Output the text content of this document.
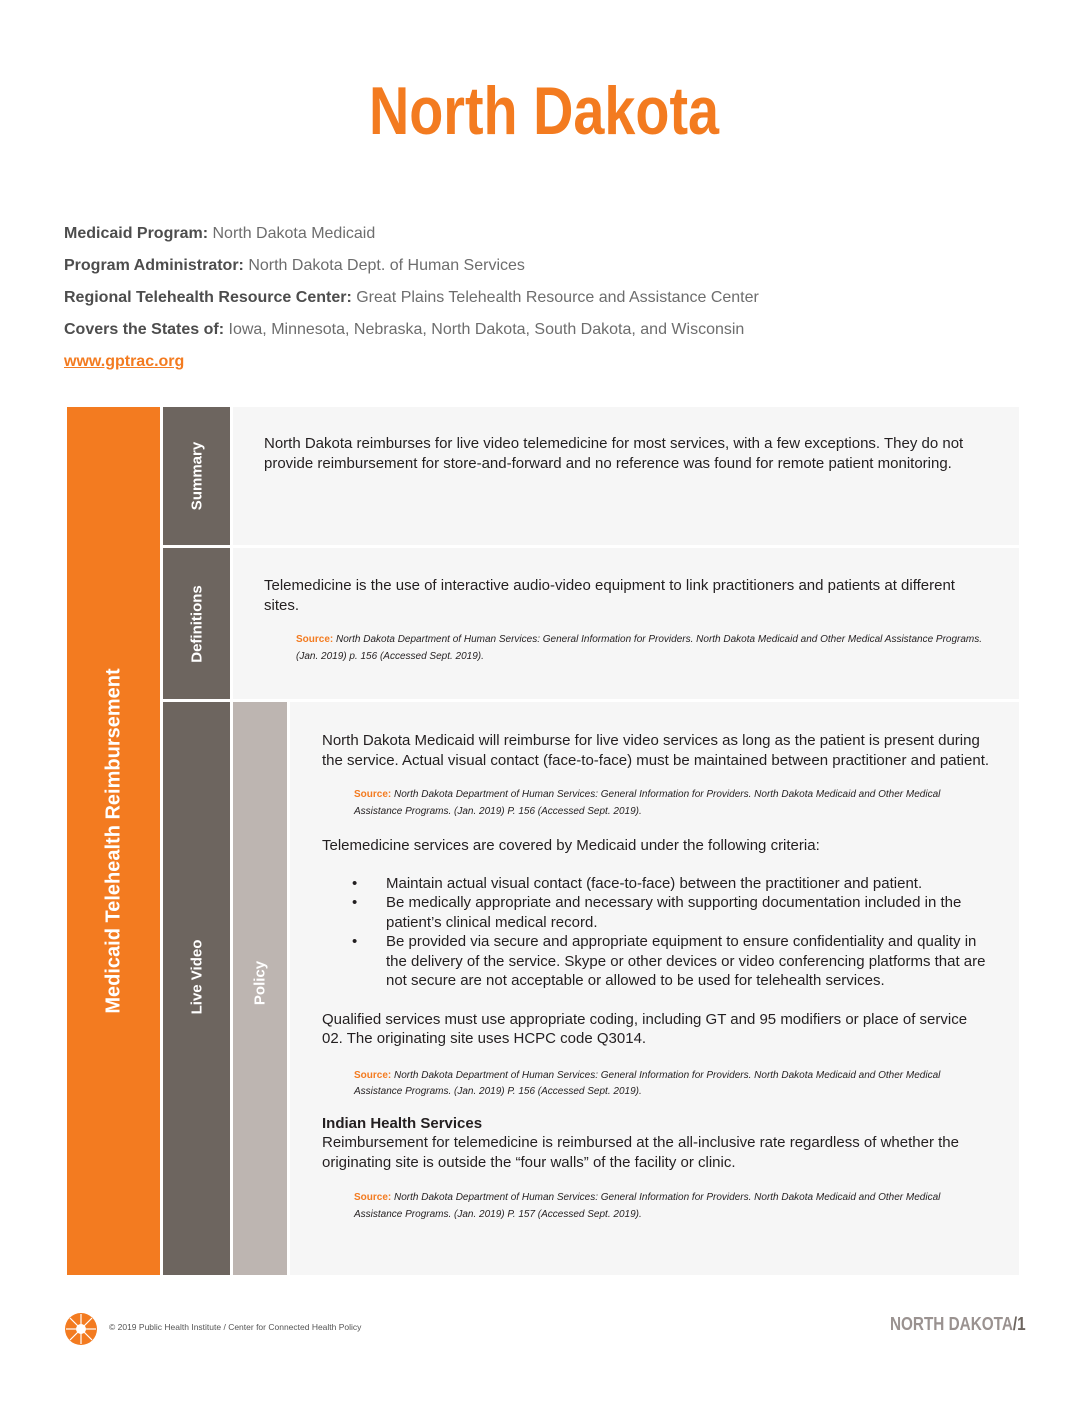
North Dakota
Medicaid Program: North Dakota Medicaid
Program Administrator: North Dakota Dept. of Human Services
Regional Telehealth Resource Center: Great Plains Telehealth Resource and Assistance Center
Covers the States of: Iowa, Minnesota, Nebraska, North Dakota, South Dakota, and Wisconsin
www.gptrac.org
Medicaid Telehealth Reimbursement
Summary	North Dakota reimburses for live video telemedicine for most services, with a few exceptions. They do not provide reimbursement for store-and-forward and no reference was found for remote patient monitoring.
Definitions	Telemedicine is the use of interactive audio-video equipment to link practitioners and patients at different sites.
Source: North Dakota Department of Human Services: General Information for Providers. North Dakota Medicaid and Other Medical Assistance Programs. (Jan. 2019) p. 156 (Accessed Sept. 2019).
Live Video	Policy
North Dakota Medicaid will reimburse for live video services as long as the patient is present during the service. Actual visual contact (face-to-face) must be maintained between practitioner and patient.
Source: North Dakota Department of Human Services: General Information for Providers. North Dakota Medicaid and Other Medical Assistance Programs. (Jan. 2019) P. 156 (Accessed Sept. 2019).
Telemedicine services are covered by Medicaid under the following criteria:
• Maintain actual visual contact (face-to-face) between the practitioner and patient.
• Be medically appropriate and necessary with supporting documentation included in the patient’s clinical medical record.
• Be provided via secure and appropriate equipment to ensure confidentiality and quality in the delivery of the service. Skype or other devices or video conferencing platforms that are not secure are not acceptable or allowed to be used for telehealth services.
Qualified services must use appropriate coding, including GT and 95 modifiers or place of service 02. The originating site uses HCPC code Q3014.
Source: North Dakota Department of Human Services: General Information for Providers. North Dakota Medicaid and Other Medical Assistance Programs. (Jan. 2019) P. 156 (Accessed Sept. 2019).
Indian Health Services
Reimbursement for telemedicine is reimbursed at the all-inclusive rate regardless of whether the originating site is outside the “four walls” of the facility or clinic.
Source: North Dakota Department of Human Services: General Information for Providers. North Dakota Medicaid and Other Medical Assistance Programs. (Jan. 2019) P. 157 (Accessed Sept. 2019).
© 2019 Public Health Institute / Center for Connected Health Policy	NORTH DAKOTA/1
